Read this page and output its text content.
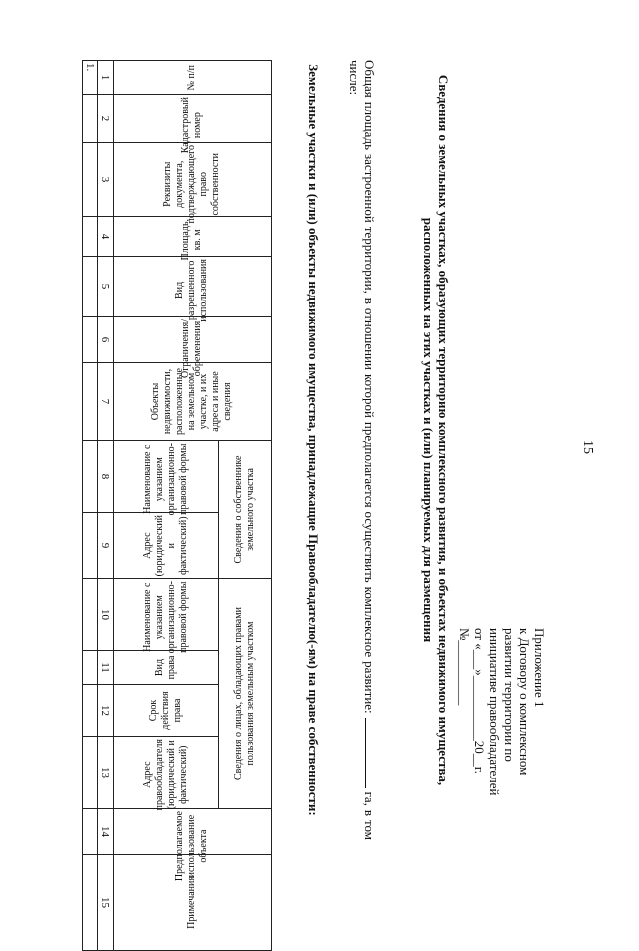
15
Приложение 1
к Договору о комплексном
развитии территории по
инициативе правообладателей
от «___»__________20__г.
№__________
Сведения о земельных участках, образующих территорию комплексного развития, и объектах недвижимого имущества, расположенных на этих участках и (или) планируемых для размещения
Общая площадь застроенной территории, в отношении которой предполагается осуществить комплексное развитие:  га, в том числе:
Земельные участки и (или) объекты недвижимого имущества, принадлежащие Правообладателю(-ям) на праве собственности:
№ п/п	Кадастровый номер	Реквизиты документа, подтверждающего право собственности	Площадь, кв. м	Вид разрешенного использования	Ограничения/обременения	Объекты недвижимости, расположенные на земельном участке, и их адреса и иные сведения	Сведения о собственнике земельного участка		Сведения о лицах, обладающих правами пользования земельным участком				Предполагаемое использование объекта	Примечания
							Наименование с указанием организационно-правовой формы	Адрес (юридический и фактический)	Наименование с указанием организационно-правовой формы	Вид права	Срок действия права	Адрес правообладателя (юридический и фактический)		
1	2	3	4	5	6	7	8	9	10	11	12	13	14	15
1.														
